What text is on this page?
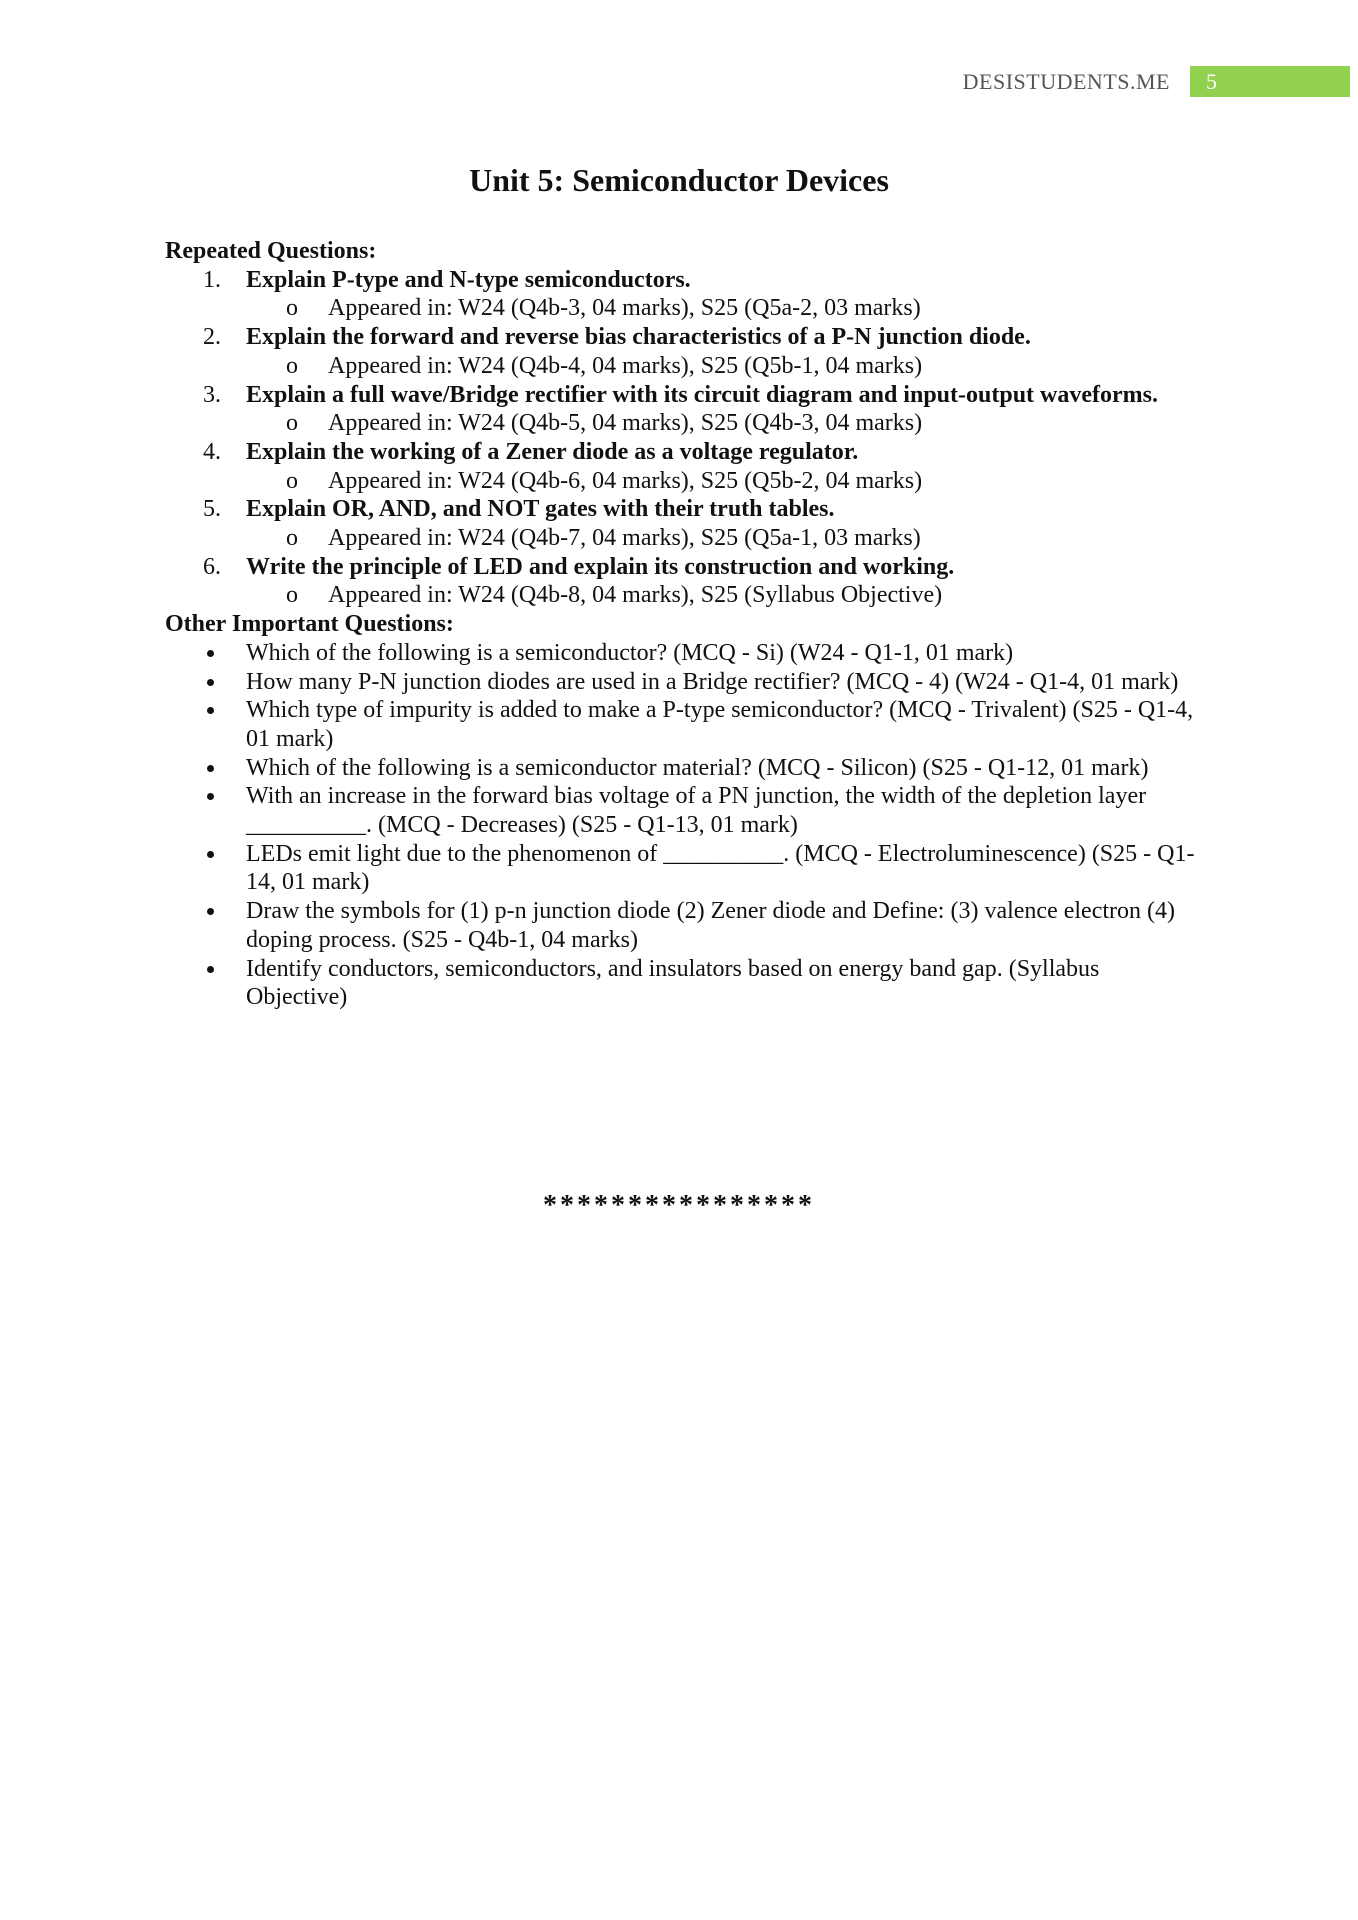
DESISTUDENTS.ME	5
Unit 5: Semiconductor Devices

Repeated Questions:

1.	Explain P-type and N-type semiconductors.
o Appeared in: W24 (Q4b-3, 04 marks), S25 (Q5a-2, 03 marks)
2.	Explain the forward and reverse bias characteristics of a P-N junction diode.
o Appeared in: W24 (Q4b-4, 04 marks), S25 (Q5b-1, 04 marks)
3.	Explain a full wave/Bridge rectifier with its circuit diagram and input-output waveforms.
o Appeared in: W24 (Q4b-5, 04 marks), S25 (Q4b-3, 04 marks)
4.	Explain the working of a Zener diode as a voltage regulator.
o Appeared in: W24 (Q4b-6, 04 marks), S25 (Q5b-2, 04 marks)
5.	Explain OR, AND, and NOT gates with their truth tables.
o Appeared in: W24 (Q4b-7, 04 marks), S25 (Q5a-1, 03 marks)
6.	Write the principle of LED and explain its construction and working.
o Appeared in: W24 (Q4b-8, 04 marks), S25 (Syllabus Objective)

Other Important Questions:

Which of the following is a semiconductor? (MCQ - Si) (W24 - Q1-1, 01 mark)
How many P-N junction diodes are used in a Bridge rectifier? (MCQ - 4) (W24 - Q1-4, 01 mark)
Which type of impurity is added to make a P-type semiconductor? (MCQ - Trivalent) (S25 - Q1-4, 01 mark)
Which of the following is a semiconductor material? (MCQ - Silicon) (S25 - Q1-12, 01 mark)
With an increase in the forward bias voltage of a PN junction, the width of the depletion layer __________. (MCQ - Decreases) (S25 - Q1-13, 01 mark)
LEDs emit light due to the phenomenon of __________. (MCQ - Electroluminescence) (S25 - Q1-14, 01 mark)
Draw the symbols for (1) p-n junction diode (2) Zener diode and Define: (3) valence electron (4) doping process. (S25 - Q4b-1, 04 marks)
Identify conductors, semiconductors, and insulators based on energy band gap. (Syllabus Objective)
****************
